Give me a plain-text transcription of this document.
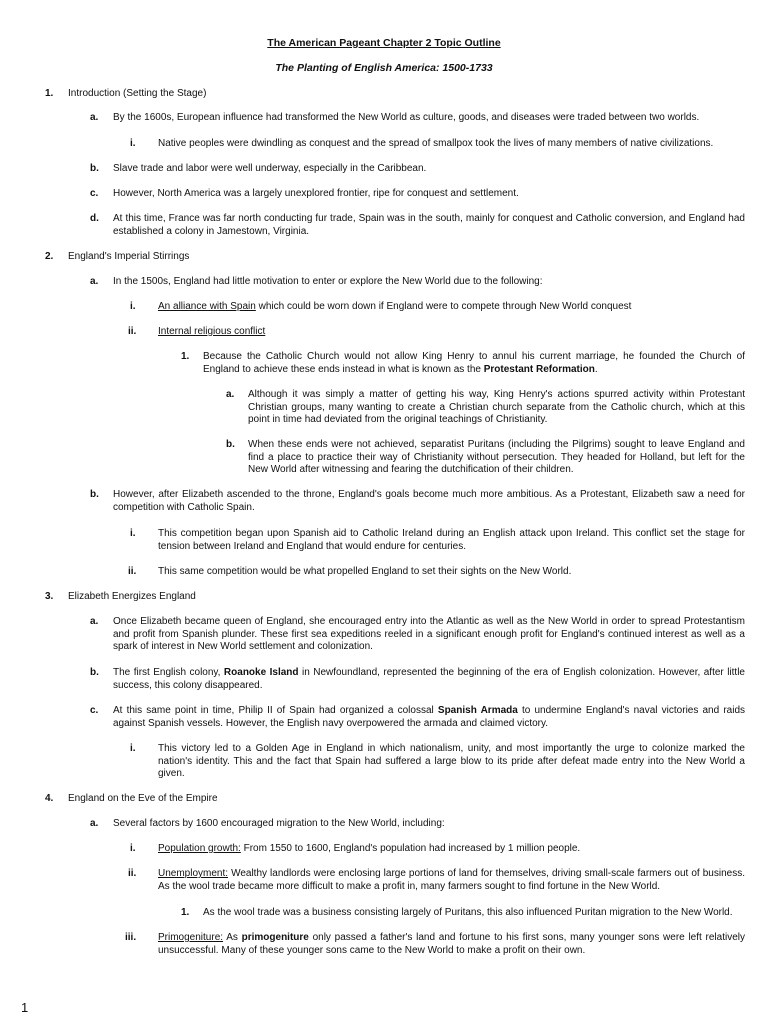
The American Pageant Chapter 2 Topic Outline
The Planting of English America: 1500-1733
1. Introduction (Setting the Stage)
a. By the 1600s, European influence had transformed the New World as culture, goods, and diseases were traded between two worlds.
i. Native peoples were dwindling as conquest and the spread of smallpox took the lives of many members of native civilizations.
b. Slave trade and labor were well underway, especially in the Caribbean.
c. However, North America was a largely unexplored frontier, ripe for conquest and settlement.
d. At this time, France was far north conducting fur trade, Spain was in the south, mainly for conquest and Catholic conversion, and England had
established a colony in Jamestown, Virginia.
2. England's Imperial Stirrings
a. In the 1500s, England had little motivation to enter or explore the New World due to the following:
i. An alliance with Spain which could be worn down if England were to compete through New World conquest
ii. Internal religious conflict
1. Because the Catholic Church would not allow King Henry to annul his current marriage, he founded the Church of
England to achieve these ends instead in what is known as the Protestant Reformation.
a. Although it was simply a matter of getting his way, King Henry's actions spurred activity within Protestant
Christian groups, many wanting to create a Christian church separate from the Catholic church, which at this
point in time had deviated from the original teachings of Christianity.
b. When these ends were not achieved, separatist Puritans (including the Pilgrims) sought to leave England and
find a place to practice their way of Christianity without persecution. They headed for Holland, but left for the
New World after witnessing and fearing the dutchification of their children.
b. However, after Elizabeth ascended to the throne, England's goals become much more ambitious. As a Protestant, Elizabeth saw a need for
competition with Catholic Spain.
i. This competition began upon Spanish aid to Catholic Ireland during an English attack upon Ireland. This conflict set the stage for
tension between Ireland and England that would endure for centuries.
ii. This same competition would be what propelled England to set their sights on the New World.
3. Elizabeth Energizes England
a. Once Elizabeth became queen of England, she encouraged entry into the Atlantic as well as the New World in order to spread Protestantism
and profit from Spanish plunder. These first sea expeditions reeled in a significant enough profit for England's continued interest as well as a
spark of interest in New World settlement and colonization.
b. The first English colony, Roanoke Island in Newfoundland, represented the beginning of the era of English colonization. However, after little
success, this colony disappeared.
c. At this same point in time, Philip II of Spain had organized a colossal Spanish Armada to undermine England's naval victories and raids
against Spanish vessels. However, the English navy overpowered the armada and claimed victory.
i. This victory led to a Golden Age in England in which nationalism, unity, and most importantly the urge to colonize marked the
nation's identity. This and the fact that Spain had suffered a large blow to its pride after defeat made entry into the New World a
given.
4. England on the Eve of the Empire
a. Several factors by 1600 encouraged migration to the New World, including:
i. Population growth: From 1550 to 1600, England's population had increased by 1 million people.
ii. Unemployment: Wealthy landlords were enclosing large portions of land for themselves, driving small-scale farmers out of business.
As the wool trade became more difficult to make a profit in, many farmers sought to find fortune in the New World.
1. As the wool trade was a business consisting largely of Puritans, this also influenced Puritan migration to the New World.
iii. Primogeniture: As primogeniture only passed a father's land and fortune to his first sons, many younger sons were left relatively
unsuccessful. Many of these younger sons came to the New World to make a profit on their own.
1
